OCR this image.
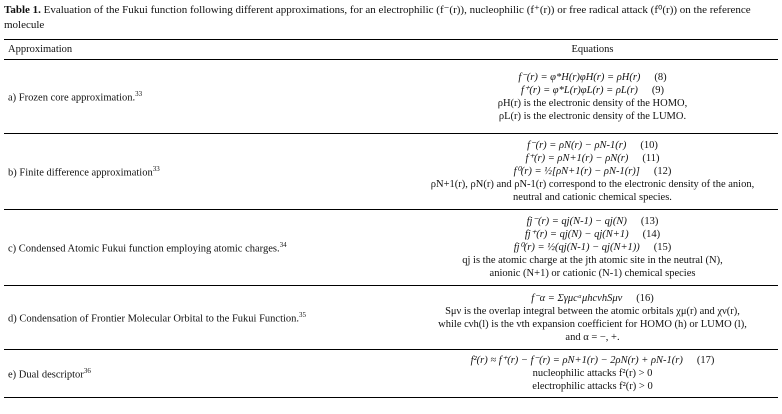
Table 1. Evaluation of the Fukui function following different approximations, for an electrophilic (f⁻(r)), nucleophilic (f⁺(r)) or free radical attack (f⁰(r)) on the reference molecule
Approximation	Equations
a) Frozen core approximation.$^{33}$	f⁻(r) = φ*H(r)φH(r) = ρH(r) (8)
f⁺(r) = φ*L(r)φL(r) = ρL(r) (9)
ρH(r) is the electronic density of the HOMO,
ρL(r) is the electronic density of the LUMO.

b) Finite difference approximation$^{33}$	f⁻(r) = ρN(r) − ρN-1(r) (10)
f⁺(r) = ρN+1(r) − ρN(r) (11)
f⁰(r) = ½[ρN+1(r) − ρN-1(r)] (12)
ρN+1(r), ρN(r) and ρN-1(r) correspond to the electronic density of the anion,
neutral and cationic chemical species.

c) Condensed Atomic Fukui function employing atomic charges.$^{34}$	fj⁻(r) = qj(N-1) − qj(N) (13)
fj⁺(r) = qj(N) − qj(N+1) (14)
fj⁰(r) = ½(qj(N-1) − qj(N+1)) (15)
qj is the atomic charge at the jth atomic site in the neutral (N),
anionic (N+1) or cationic (N-1) chemical species

d) Condensation of Frontier Molecular Orbital to the Fukui Function.$^{35}$	f⁻α = ΣγμcᵃμhcνhSμν (16)
Sμν is the overlap integral between the atomic orbitals χμ(r) and χν(r),
while cνh(l) is the vth expansion coefficient for HOMO (h) or LUMO (l),
and α = −, +.

e) Dual descriptor$^{36}$	f²(r) ≈ f⁺(r) − f⁻(r) = ρN+1(r) − 2ρN(r) + ρN-1(r) (17)
nucleophilic attacks f²(r) > 0
electrophilic attacks f²(r) > 0
